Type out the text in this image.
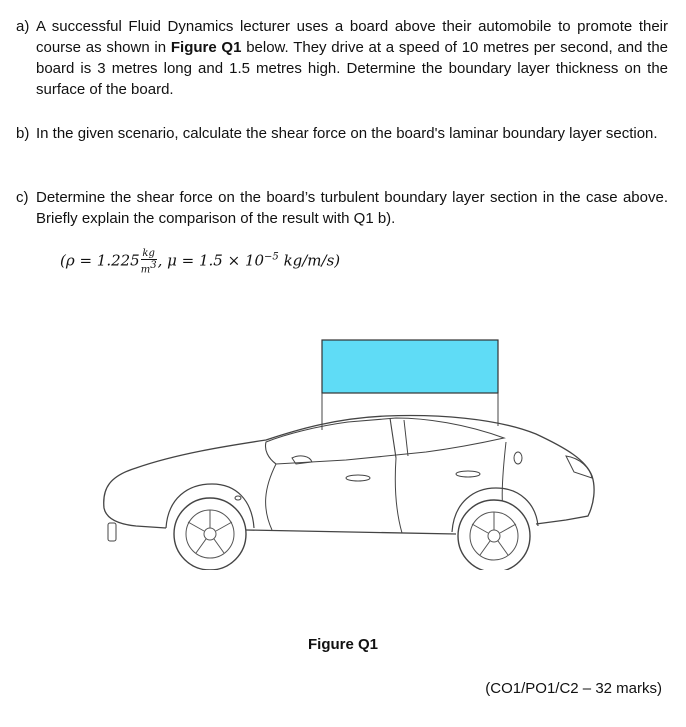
a) A successful Fluid Dynamics lecturer uses a board above their automobile to promote their course as shown in Figure Q1 below. They drive at a speed of 10 metres per second, and the board is 3 metres long and 1.5 metres high. Determine the boundary layer thickness on the surface of the board.
b) In the given scenario, calculate the shear force on the board's laminar boundary layer section.
c) Determine the shear force on the board’s turbulent boundary layer section in the case above. Briefly explain the comparison of the result with Q1 b).
($\rho = 1.225 \frac{kg}{m^3}$ , $\mu = 1.5 \times 10^{-5}$ kg/m/s)
Figure Q1
(CO1/PO1/C2 – 32 marks)
